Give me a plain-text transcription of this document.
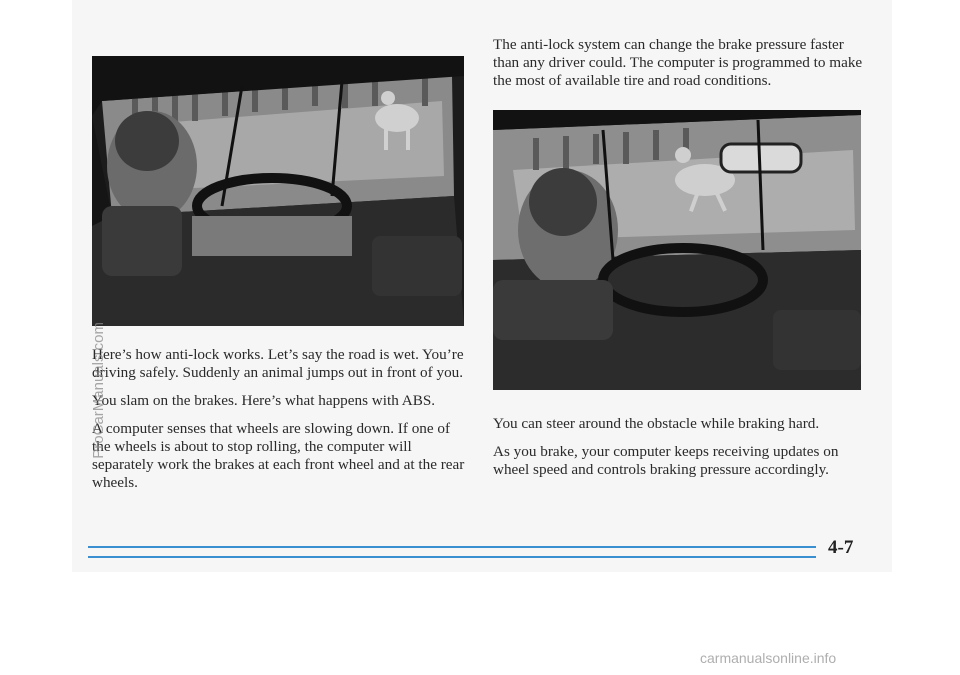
The anti-lock system can change the brake pressure faster than any driver could. The computer is programmed to make the most of available tire and road conditions.

Here’s how anti-lock works. Let’s say the road is wet. You’re driving safely. Suddenly an animal jumps out in front of you.

You slam on the brakes. Here’s what happens with ABS.

A computer senses that wheels are slowing down. If one of the wheels is about to stop rolling, the computer will separately work the brakes at each front wheel and at the rear wheels.

You can steer around the obstacle while braking hard.

As you brake, your computer keeps receiving updates on wheel speed and controls braking pressure accordingly.

4-7
ProCarManuals.com
carmanualsonline.info
